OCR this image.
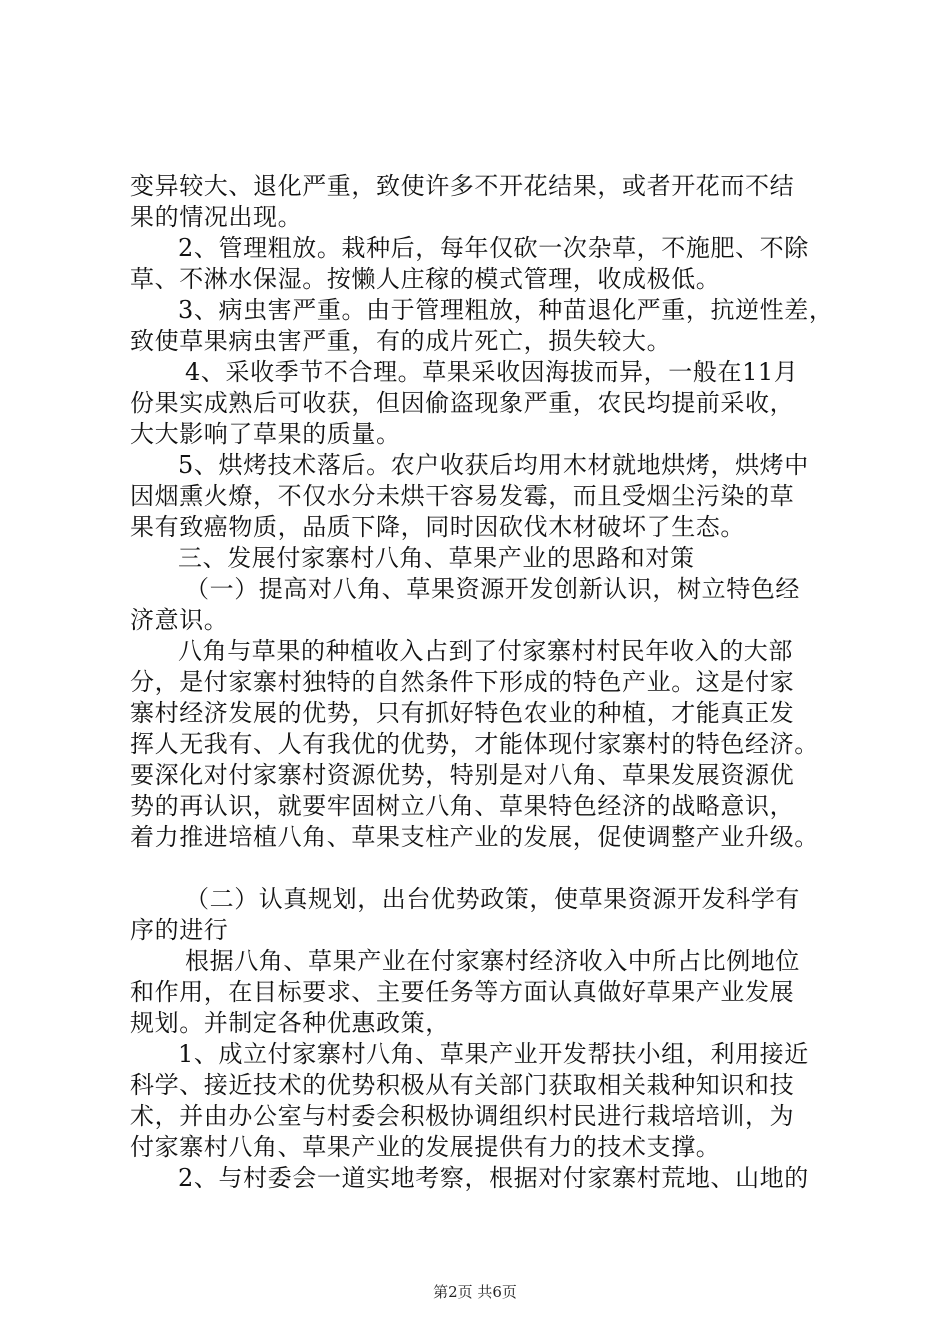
变异较大、退化严重，致使许多不开花结果，或者开花而不结
果的情况出现。
2、管理粗放。栽种后，每年仅砍一次杂草，不施肥、不除
草、不淋水保湿。按懒人庄稼的模式管理，收成极低。
3、病虫害严重。由于管理粗放，种苗退化严重，抗逆性差，
致使草果病虫害严重，有的成片死亡，损失较大。
4、采收季节不合理。草果采收因海拔而异，一般在11月
份果实成熟后可收获，但因偷盗现象严重，农民均提前采收，
大大影响了草果的质量。
5、烘烤技术落后。农户收获后均用木材就地烘烤，烘烤中
因烟熏火燎，不仅水分未烘干容易发霉，而且受烟尘污染的草
果有致癌物质，品质下降，同时因砍伐木材破坏了生态。
三、发展付家寨村八角、草果产业的思路和对策
（一）提高对八角、草果资源开发创新认识，树立特色经
济意识。
八角与草果的种植收入占到了付家寨村村民年收入的大部
分，是付家寨村独特的自然条件下形成的特色产业。这是付家
寨村经济发展的优势，只有抓好特色农业的种植，才能真正发
挥人无我有、人有我优的优势，才能体现付家寨村的特色经济。
要深化对付家寨村资源优势，特别是对八角、草果发展资源优
势的再认识，就要牢固树立八角、草果特色经济的战略意识，
着力推进培植八角、草果支柱产业的发展，促使调整产业升级。
（二）认真规划，出台优势政策，使草果资源开发科学有
序的进行
根据八角、草果产业在付家寨村经济收入中所占比例地位
和作用，在目标要求、主要任务等方面认真做好草果产业发展
规划。并制定各种优惠政策，
1、成立付家寨村八角、草果产业开发帮扶小组，利用接近
科学、接近技术的优势积极从有关部门获取相关栽种知识和技
术，并由办公室与村委会积极协调组织村民进行栽培培训，为
付家寨村八角、草果产业的发展提供有力的技术支撑。
2、与村委会一道实地考察，根据对付家寨村荒地、山地的
第2页 共6页
